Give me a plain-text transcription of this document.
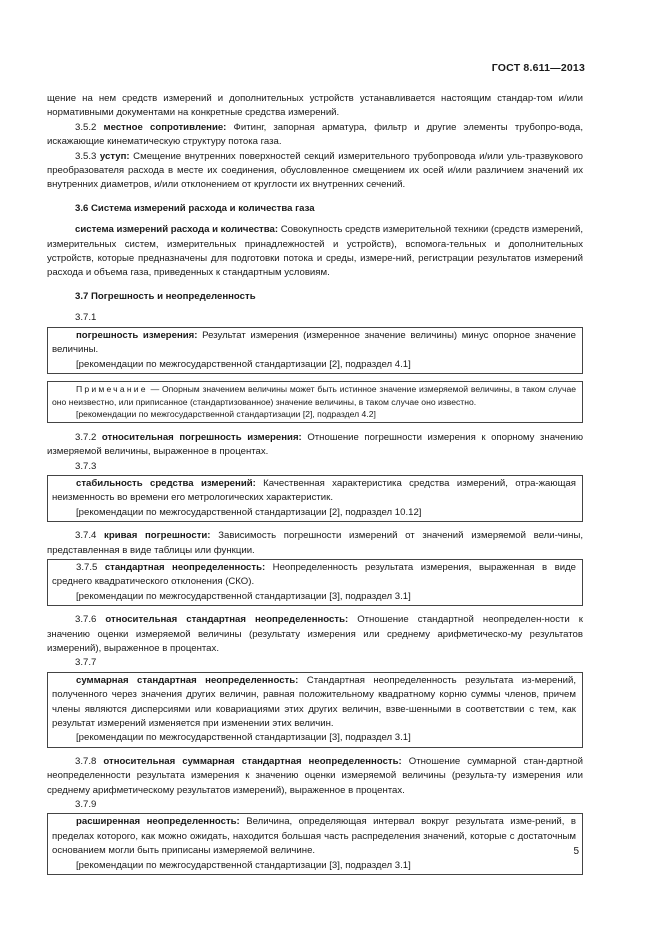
ГОСТ 8.611—2013

щение на нем средств измерений и дополнительных устройств устанавливается настоящим стандар-том и/или нормативными документами на конкретные средства измерений.

3.5.2 местное сопротивление: Фитинг, запорная арматура, фильтр и другие элементы трубопро-вода, искажающие кинематическую структуру потока газа.

3.5.3 уступ: Смещение внутренних поверхностей секций измерительного трубопровода и/или уль-тразвукового преобразователя расхода в месте их соединения, обусловленное смещением их осей и/или различием значений их внутренних диаметров, и/или отклонением от круглости их внутренних сечений.

3.6 Система измерений расхода и количества газа

система измерений расхода и количества: Совокупность средств измерительной техники (средств измерений, измерительных систем, измерительных принадлежностей и устройств), вспомога-тельных и дополнительных устройств, которые предназначены для подготовки потока и среды, измере-ний, регистрации результатов измерений расхода и объема газа, приведенных к стандартным условиям.

3.7 Погрешность и неопределенность

3.7.1

погрешность измерения: Результат измерения (измеренное значение величины) минус опорное значение величины.

[рекомендации по межгосударственной стандартизации [2], подраздел 4.1]

Примечание — Опорным значением величины может быть истинное значение измеряемой величины, в таком случае оно неизвестно, или приписанное (стандартизованное) значение величины, в таком случае оно известно.

[рекомендации по межгосударственной стандартизации [2], подраздел 4.2]

3.7.2 относительная погрешность измерения: Отношение погрешности измерения к опорному значению измеряемой величины, выраженное в процентах.

3.7.3

стабильность средства измерений: Качественная характеристика средства измерений, отра-жающая неизменность во времени его метрологических характеристик.

[рекомендации по межгосударственной стандартизации [2], подраздел 10.12]

3.7.4 кривая погрешности: Зависимость погрешности измерений от значений измеряемой вели-чины, представленная в виде таблицы или функции.

3.7.5 стандартная неопределенность: Неопределенность результата измерения, выраженная в виде среднего квадратического отклонения (СКО).

[рекомендации по межгосударственной стандартизации [3], подраздел 3.1]

3.7.6 относительная стандартная неопределенность: Отношение стандартной неопределен-ности к значению оценки измеряемой величины (результату измерения или среднему арифметическо-му результатов измерений), выраженное в процентах.

3.7.7

суммарная стандартная неопределенность: Стандартная неопределенность результата из-мерений, полученного через значения других величин, равная положительному квадратному корню суммы членов, причем члены являются дисперсиями или ковариациями этих других величин, взве-шенными в соответствии с тем, как результат измерений изменяется при изменении этих величин.

[рекомендации по межгосударственной стандартизации [3], подраздел 3.1]

3.7.8 относительная суммарная стандартная неопределенность: Отношение суммарной стан-дартной неопределенности результата измерения к значению оценки измеряемой величины (результа-ту измерения или среднему арифметическому результатов измерений), выраженное в процентах.

3.7.9

расширенная неопределенность: Величина, определяющая интервал вокруг результата изме-рений, в пределах которого, как можно ожидать, находится большая часть распределения значений, которые с достаточным основанием могли быть приписаны измеряемой величине.

[рекомендации по межгосударственной стандартизации [3], подраздел 3.1]

5
